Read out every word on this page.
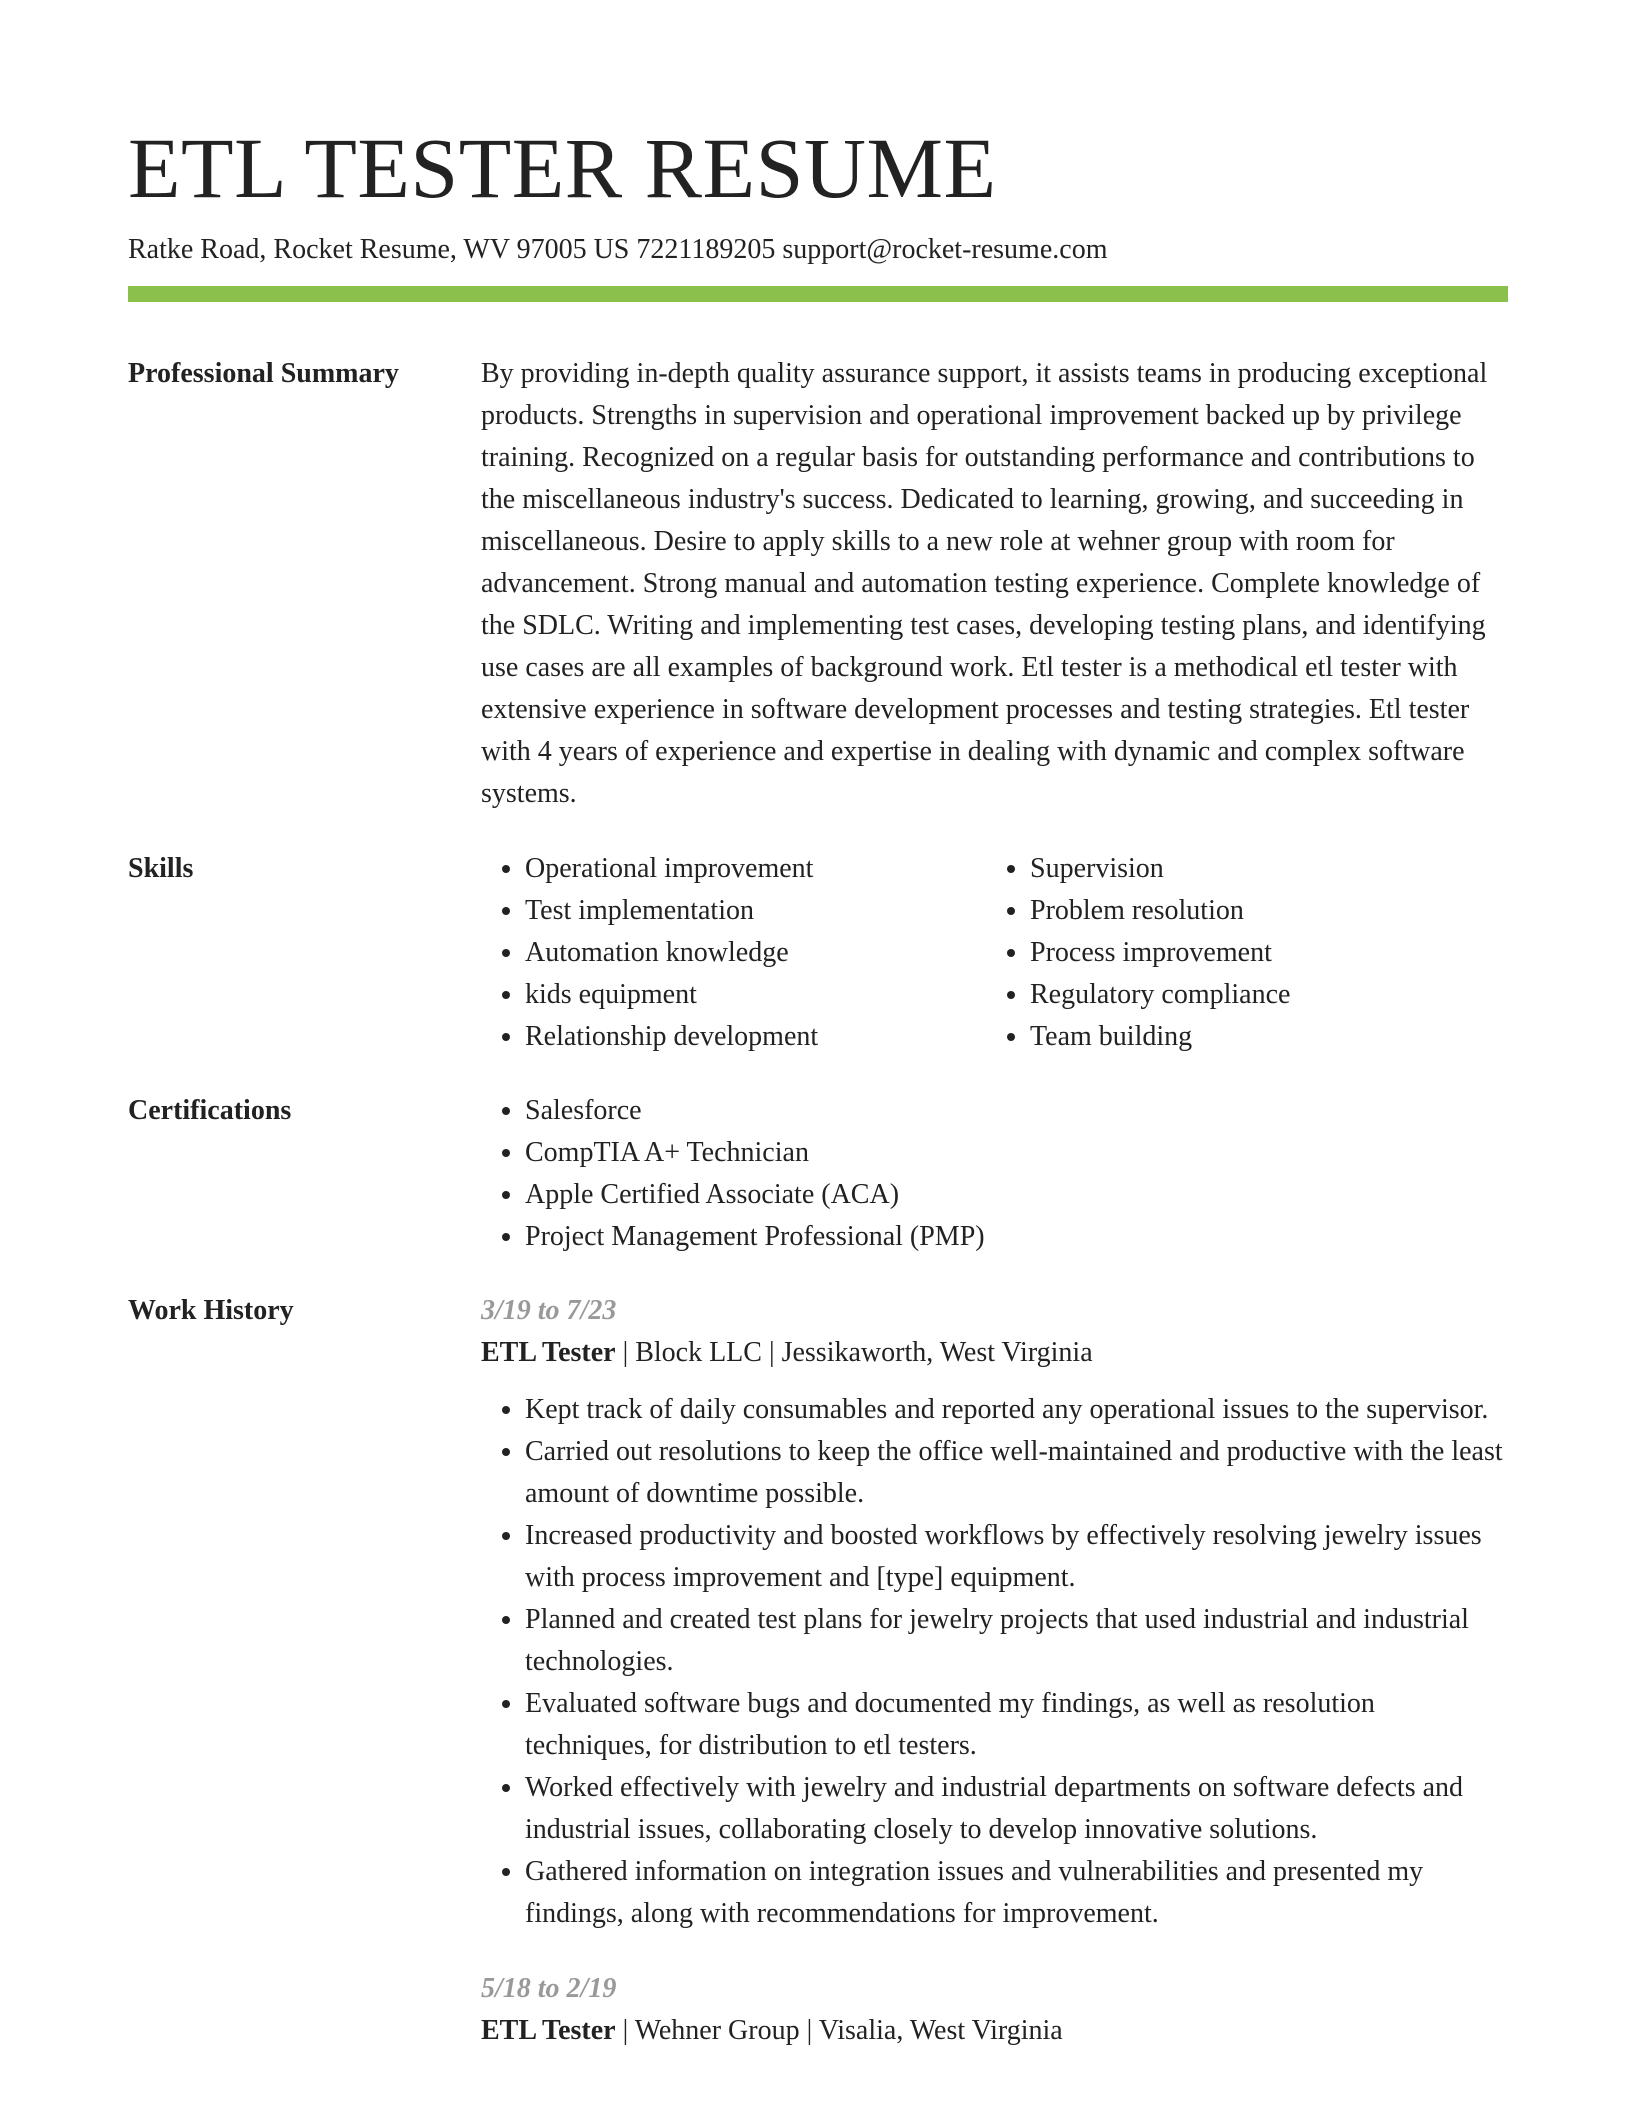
ETL TESTER RESUME
Ratke Road, Rocket Resume, WV 97005 US 7221189205 support@rocket-resume.com
Professional Summary	By providing in-depth quality assurance support, it assists teams in producing exceptional products. Strengths in supervision and operational improvement backed up by privilege training. Recognized on a regular basis for outstanding performance and contributions to the miscellaneous industry's success. Dedicated to learning, growing, and succeeding in miscellaneous. Desire to apply skills to a new role at wehner group with room for advancement. Strong manual and automation testing experience. Complete knowledge of the SDLC. Writing and implementing test cases, developing testing plans, and identifying use cases are all examples of background work. Etl tester is a methodical etl tester with extensive experience in software development processes and testing strategies. Etl tester with 4 years of experience and expertise in dealing with dynamic and complex software systems.

Skills	• Operational improvement
• Test implementation
• Automation knowledge
• kids equipment
• Relationship development
• Supervision
• Problem resolution
• Process improvement
• Regulatory compliance
• Team building
Certifications	• Salesforce
• CompTIA A+ Technician
• Apple Certified Associate (ACA)
• Project Management Professional (PMP)
Work History	3/19 to 7/23
ETL Tester | Block LLC | Jessikaworth, West Virginia
• Kept track of daily consumables and reported any operational issues to the supervisor.
• Carried out resolutions to keep the office well-maintained and productive with the least amount of downtime possible.
• Increased productivity and boosted workflows by effectively resolving jewelry issues with process improvement and [type] equipment.
• Planned and created test plans for jewelry projects that used industrial and industrial technologies.
• Evaluated software bugs and documented my findings, as well as resolution techniques, for distribution to etl testers.
• Worked effectively with jewelry and industrial departments on software defects and industrial issues, collaborating closely to develop innovative solutions.
• Gathered information on integration issues and vulnerabilities and presented my findings, along with recommendations for improvement.
5/18 to 2/19
ETL Tester | Wehner Group | Visalia, West Virginia
